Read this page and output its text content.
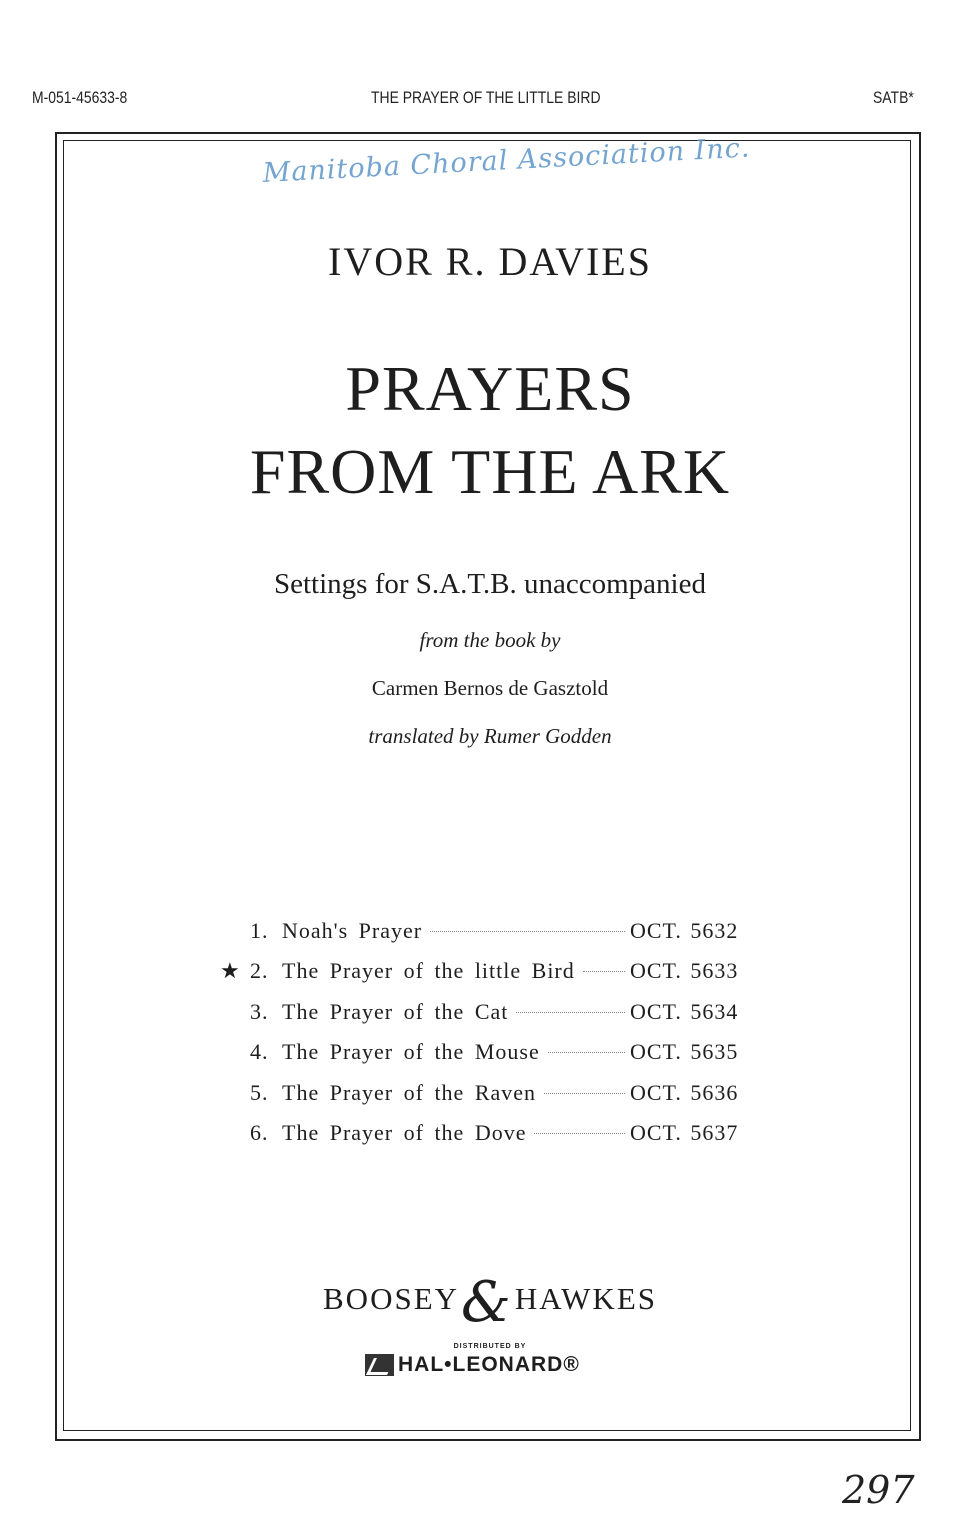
M-051-45633-8	THE PRAYER OF THE LITTLE BIRD	SATB*
Manitoba Choral Association Inc.
IVOR R. DAVIES
PRAYERS
FROM THE ARK
Settings for S.A.T.B. unaccompanied
from the book by
Carmen Bernos de Gasztold
translated by Rumer Godden
1. Noah's Prayer	OCT. 5632
★ 2. The Prayer of the little Bird	OCT. 5633
3. The Prayer of the Cat	OCT. 5634
4. The Prayer of the Mouse	OCT. 5635
5. The Prayer of the Raven	OCT. 5636
6. The Prayer of the Dove	OCT. 5637
BOOSEY&HAWKES
DISTRIBUTED BY
HAL•LEONARD®
297
